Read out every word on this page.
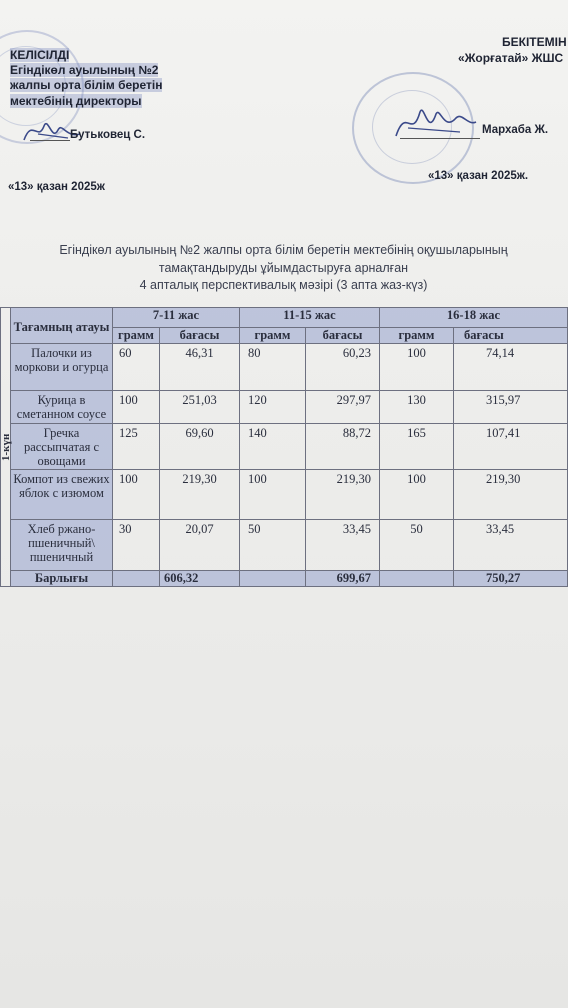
КЕЛІСІЛДІ
Егіндікөл ауылының №2
жалпы орта білім беретін
мектебінің директоры
Бутьковец С.
«13» қазан 2025ж
БЕКІТЕМІН
«Жорғатай» ЖШС
Мархаба Ж.
«13» қазан 2025ж.
Егіндікөл ауылының №2 жалпы орта білім беретін мектебінің оқушыларының
тамақтандыруды ұйымдастыруға арналған
4 апталық перспективалық мәзірі (3 апта жаз-күз)
1-күн	Тағамның атауы	7-11 жас		11-15 жас		16-18 жас	
		грамм	бағасы	грамм	бағасы	грамм	бағасы
	Палочки из моркови и огурца	60	46,31	80	60,23	100	74,14
	Курица в сметанном соусе	100	251,03	120	297,97	130	315,97
	Гречка рассыпчатая с овощами	125	69,60	140	88,72	165	107,41
	Компот из свежих яблок с изюмом	100	219,30	100	219,30	100	219,30
	Хлеб ржано-пшеничный\ пшеничный	30	20,07	50	33,45	50	33,45
	Барлығы		606,32		699,67		750,27
